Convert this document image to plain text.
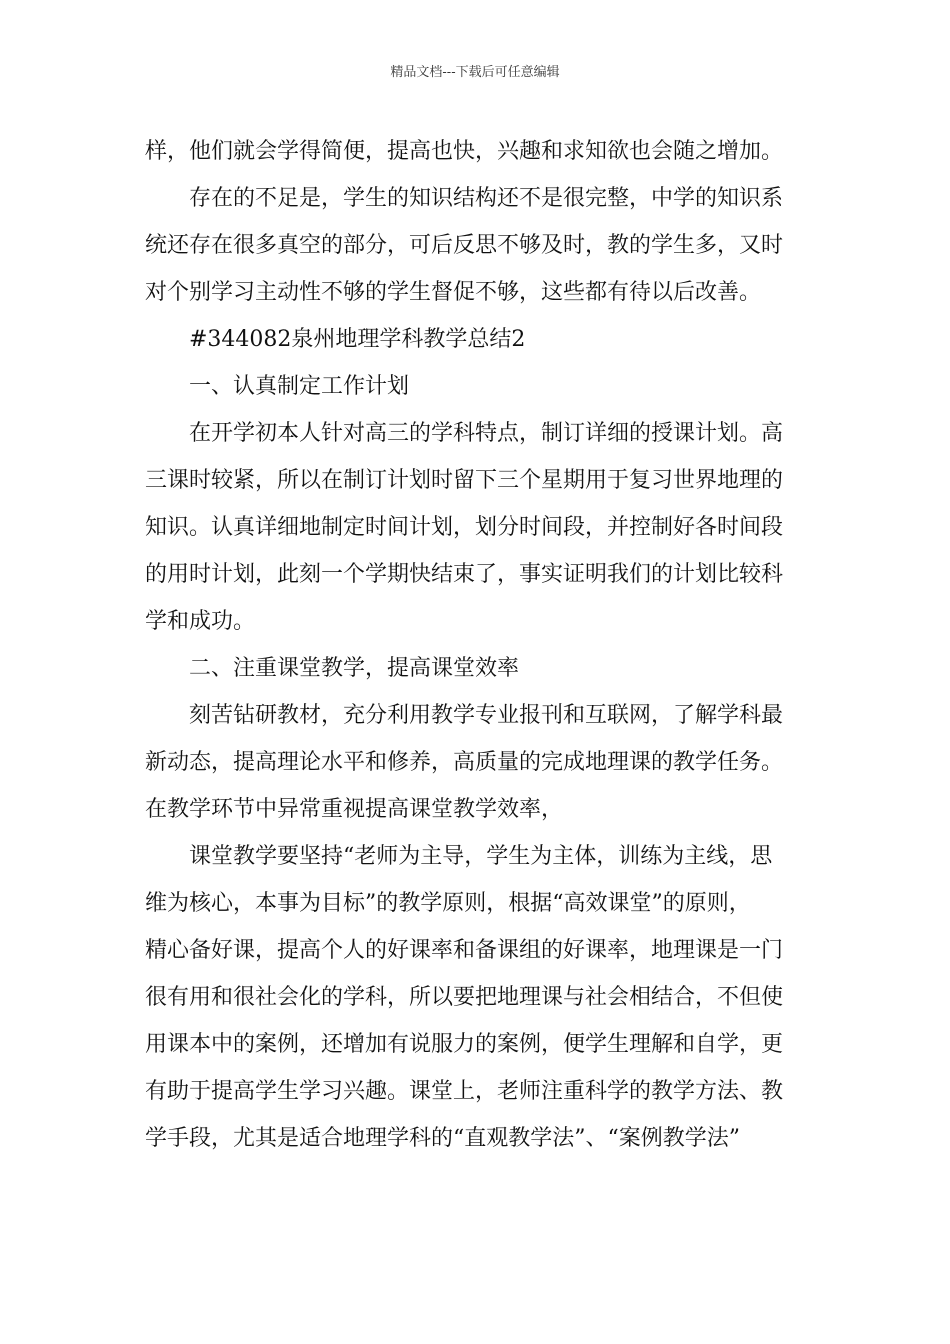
精品文档---下载后可任意编辑
样，他们就会学得简便，提高也快，兴趣和求知欲也会随之增加。
存在的不足是，学生的知识结构还不是很完整，中学的知识系
统还存在很多真空的部分，可后反思不够及时，教的学生多，又时
对个别学习主动性不够的学生督促不够，这些都有待以后改善。
#344082泉州地理学科教学总结2
一、认真制定工作计划
在开学初本人针对高三的学科特点，制订详细的授课计划。高
三课时较紧，所以在制订计划时留下三个星期用于复习世界地理的
知识。认真详细地制定时间计划，划分时间段，并控制好各时间段
的用时计划，此刻一个学期快结束了，事实证明我们的计划比较科
学和成功。
二、注重课堂教学，提高课堂效率
刻苦钻研教材，充分利用教学专业报刊和互联网，了解学科最
新动态，提高理论水平和修养，高质量的完成地理课的教学任务。
在教学环节中异常重视提高课堂教学效率，
课堂教学要坚持“老师为主导，学生为主体，训练为主线，思
维为核心，本事为目标”的教学原则，根据“高效课堂”的原则，
精心备好课，提高个人的好课率和备课组的好课率，地理课是一门
很有用和很社会化的学科，所以要把地理课与社会相结合，不但使
用课本中的案例，还增加有说服力的案例，便学生理解和自学，更
有助于提高学生学习兴趣。课堂上，老师注重科学的教学方法、教
学手段，尤其是适合地理学科的“直观教学法”、“案例教学法”
